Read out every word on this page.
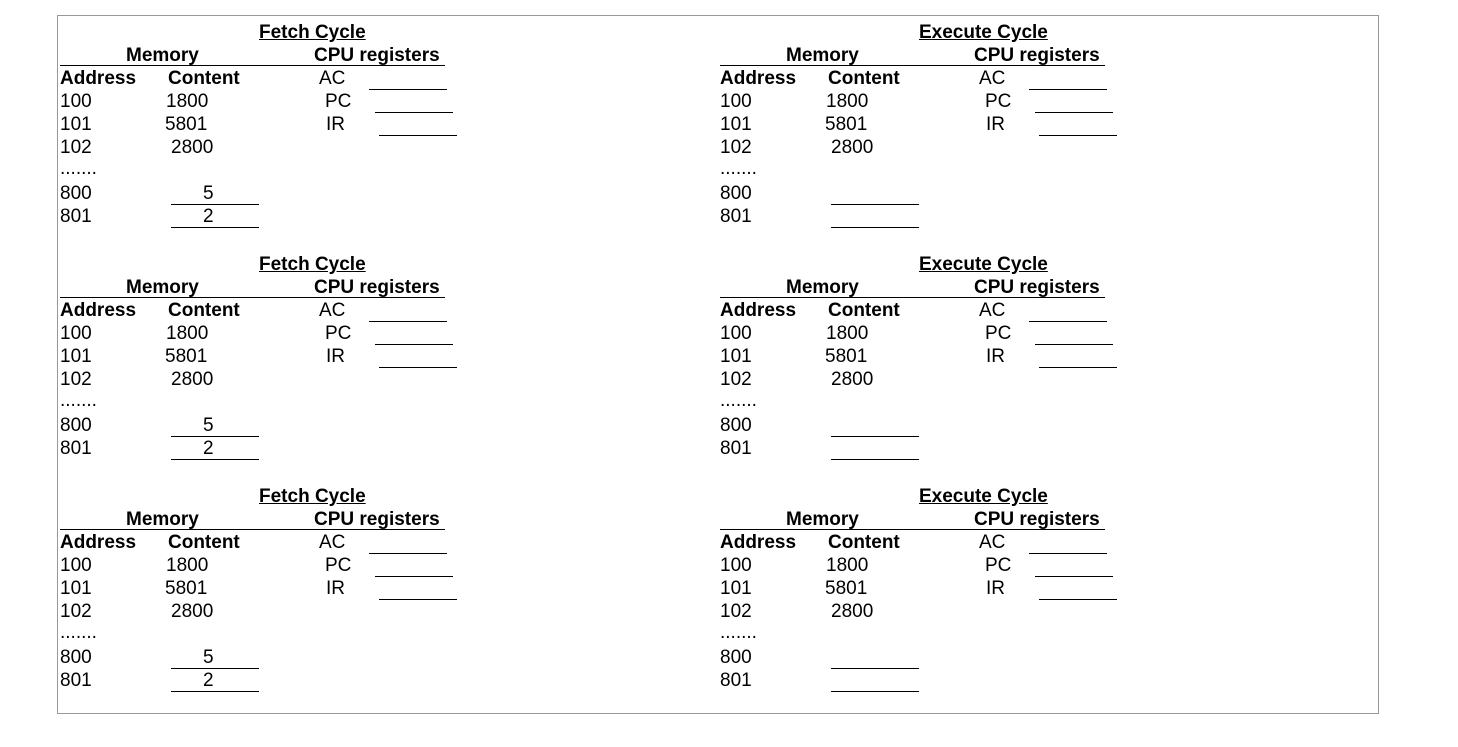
Fetch Cycle
Memory	CPU registers
Address Content
100	1800
101	5801
102	2800
.......
800	5
801	2
AC
PC
IR
Execute Cycle
Memory	CPU registers
Address Content
100	1800
101	5801
102	2800
.......
800
801
AC
PC
IR
Fetch Cycle
Memory	CPU registers
Address Content
100	1800
101	5801
102	2800
.......
800	5
801	2
AC
PC
IR
Execute Cycle
Memory	CPU registers
Address Content
100	1800
101	5801
102	2800
.......
800
801
AC
PC
IR
Fetch Cycle
Memory	CPU registers
Address Content
100	1800
101	5801
102	2800
.......
800	5
801	2
AC
PC
IR
Execute Cycle
Memory	CPU registers
Address Content
100	1800
101	5801
102	2800
.......
800
801
AC
PC
IR
